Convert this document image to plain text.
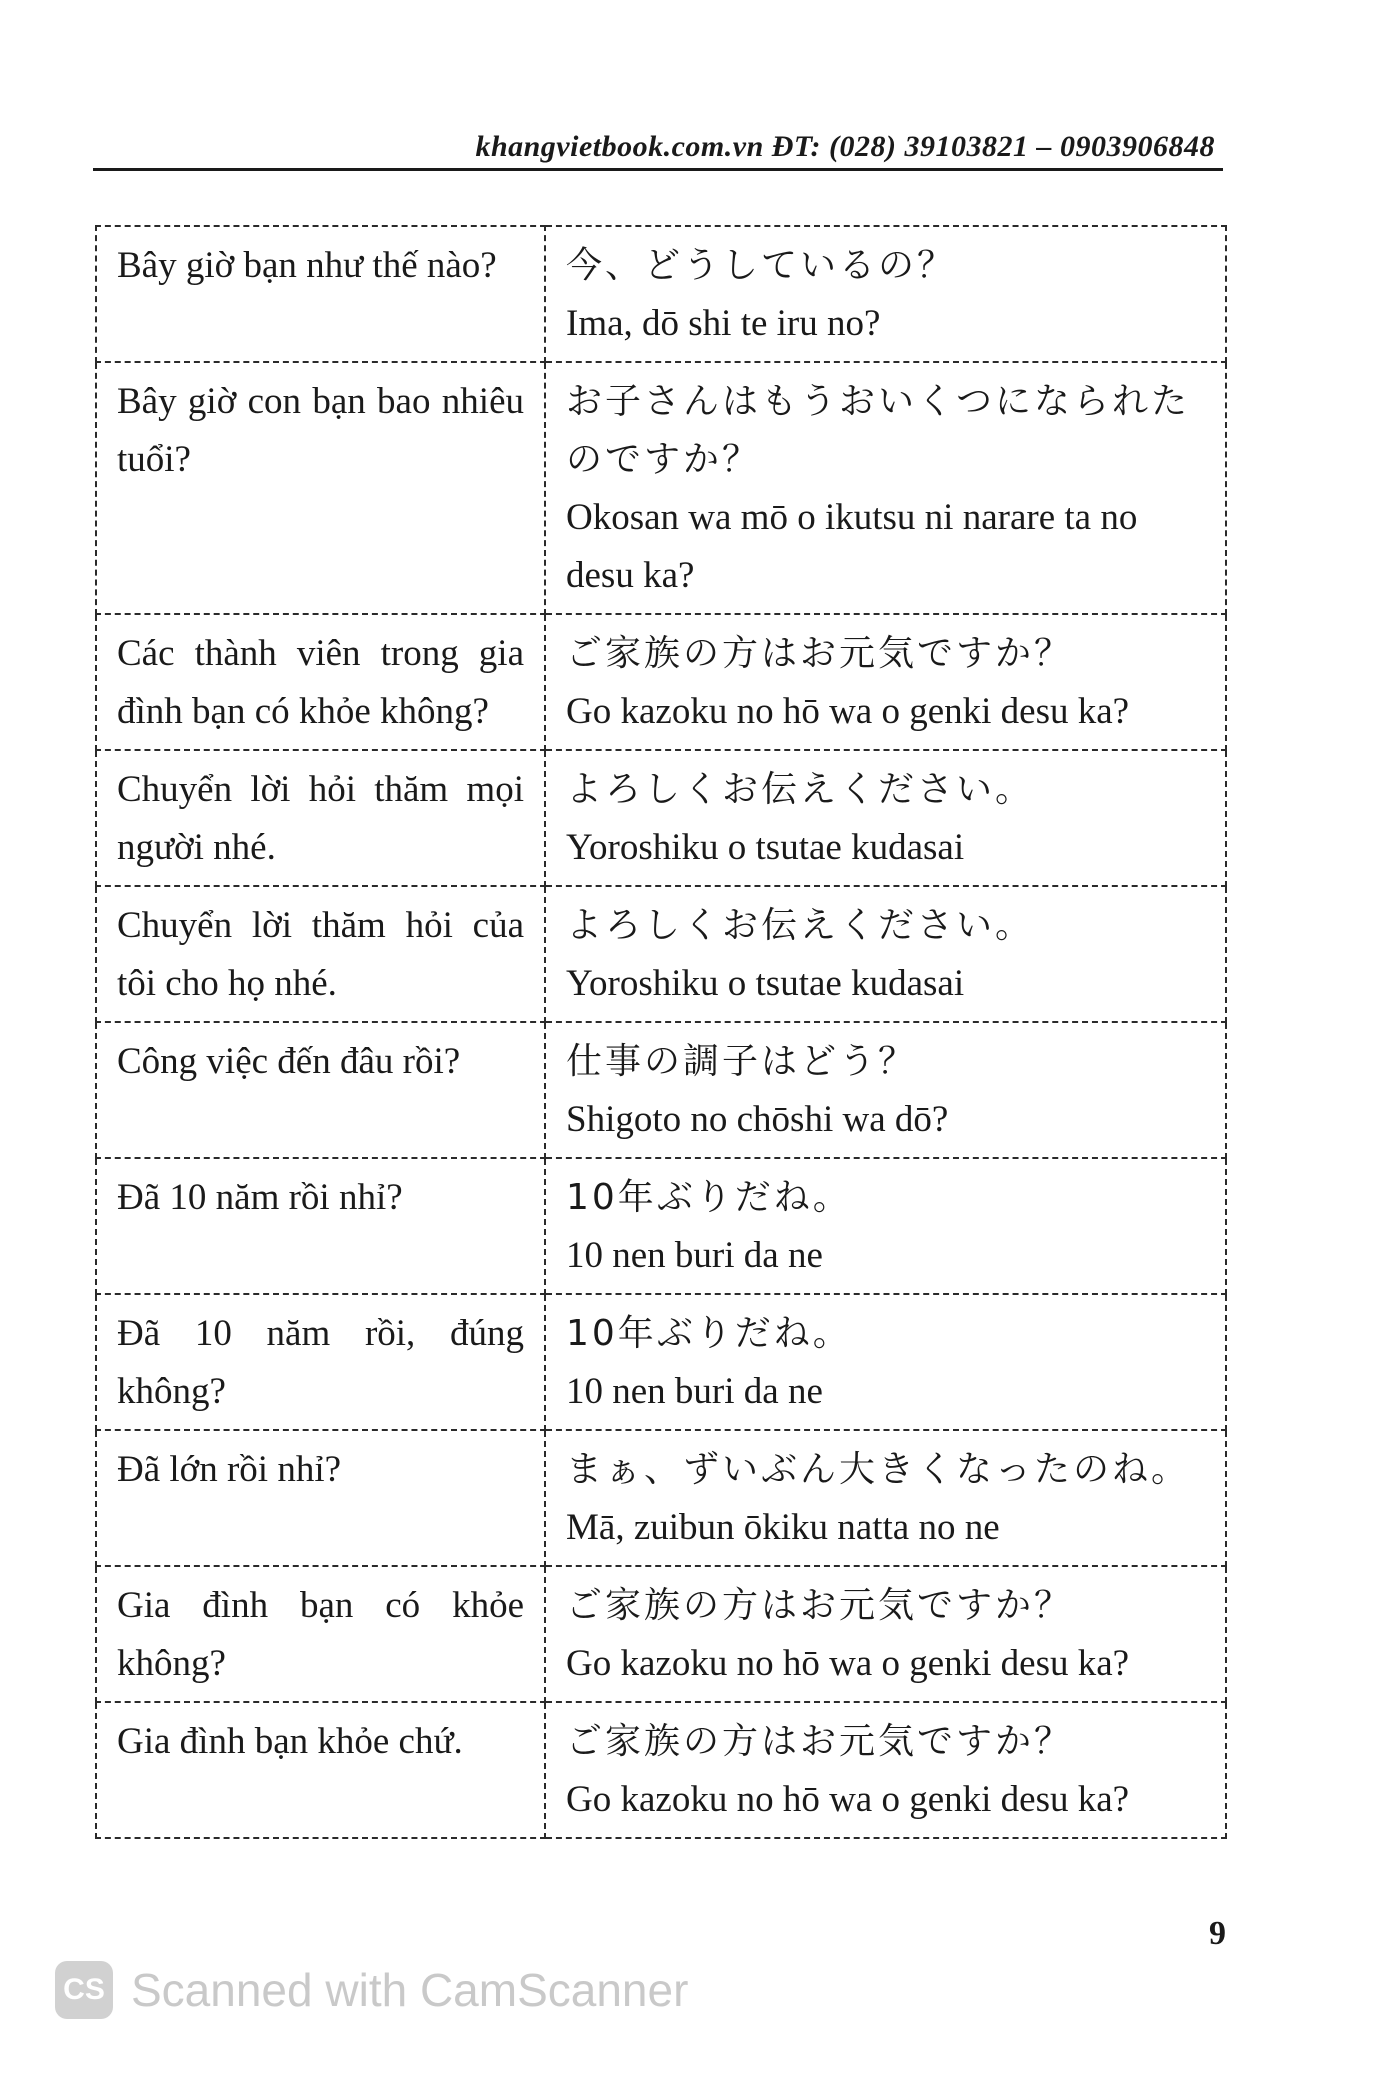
khangvietbook.com.vn ĐT: (028) 39103821 – 0903906848
Bây giờ bạn như thế nào?	今、どうしているの？
Ima, dō shi te iru no?

Bây giờ con bạn bao nhiêu tuổi?	お子さんはもうおいくつになられたのですか？
Okosan wa mō o ikutsu ni narare ta no desu ka?

Các thành viên trong gia đình bạn có khỏe không?	ご家族の方はお元気ですか？
Go kazoku no hō wa o genki desu ka?

Chuyển lời hỏi thăm mọi người nhé.	よろしくお伝えください。
Yoroshiku o tsutae kudasai

Chuyển lời thăm hỏi của tôi cho họ nhé.	よろしくお伝えください。
Yoroshiku o tsutae kudasai

Công việc đến đâu rồi?	仕事の調子はどう？
Shigoto no chōshi wa dō?

Đã 10 năm rồi nhỉ?	10年ぶりだね。
10 nen buri da ne

Đã 10 năm rồi, đúng không?	10年ぶりだね。
10 nen buri da ne

Đã lớn rồi nhỉ?	まぁ、ずいぶん大きくなったのね。
Mā, zuibun ōkiku natta no ne

Gia đình bạn có khỏe không?	ご家族の方はお元気ですか？
Go kazoku no hō wa o genki desu ka?

Gia đình bạn khỏe chứ.	ご家族の方はお元気ですか？
Go kazoku no hō wa o genki desu ka?
9
CS Scanned with CamScanner
